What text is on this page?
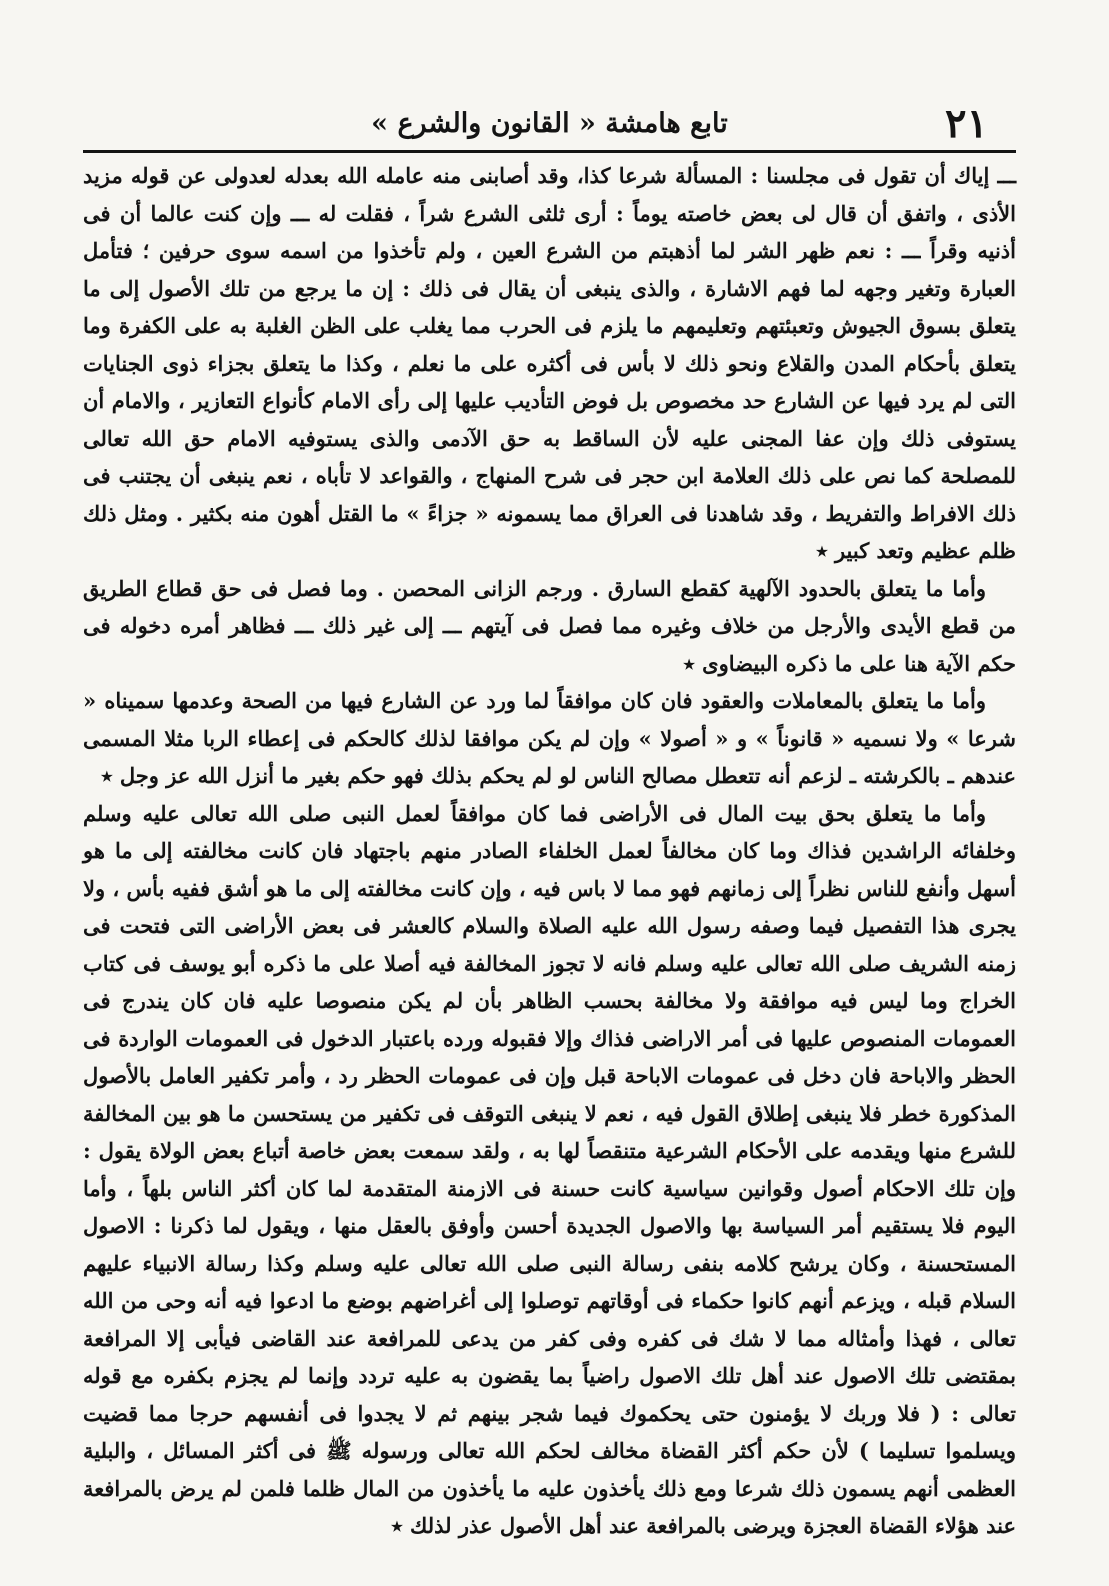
٢١
تابع هامشة « القانون والشرع »

ـــ إياك أن تقول فى مجلسنا : المسألة شرعا كذا، وقد أصابنى منه عامله الله بعدله لعدولى عن قوله مزيد الأذى ، واتفق أن قال لى بعض خاصته يوماً : أرى ثلثى الشرع شراً ، فقلت له ـــ وإن كنت عالما أن فى أذنيه وقراً ـــ : نعم ظهر الشر لما أذهبتم من الشرع العين ، ولم تأخذوا من اسمه سوى حرفين ؛ فتأمل العبارة وتغير وجهه لما فهم الاشارة ، والذى ينبغى أن يقال فى ذلك : إن ما يرجع من تلك الأصول إلى ما يتعلق بسوق الجيوش وتعبئتهم وتعليمهم ما يلزم فى الحرب مما يغلب على الظن الغلبة به على الكفرة وما يتعلق بأحكام المدن والقلاع ونحو ذلك لا بأس فى أكثره على ما نعلم ، وكذا ما يتعلق بجزاء ذوى الجنايات التى لم يرد فيها عن الشارع حد مخصوص بل فوض التأديب عليها إلى رأى الامام كأنواع التعازير ، والامام أن يستوفى ذلك وإن عفا المجنى عليه لأن الساقط به حق الآدمى والذى يستوفيه الامام حق الله تعالى للمصلحة كما نص على ذلك العلامة ابن حجر فى شرح المنهاج ، والقواعد لا تأباه ، نعم ينبغى أن يجتنب فى ذلك الافراط والتفريط ، وقد شاهدنا فى العراق مما يسمونه « جزاءً » ما القتل أهون منه بكثير . ومثل ذلك ظلم عظيم وتعد كبير ٭

وأما ما يتعلق بالحدود الآلهية كقطع السارق . ورجم الزانى المحصن . وما فصل فى حق قطاع الطريق من قطع الأيدى والأرجل من خلاف وغيره مما فصل فى آيتهم ـــ إلى غير ذلك ـــ فظاهر أمره دخوله فى حكم الآية هنا على ما ذكره البيضاوى ٭

وأما ما يتعلق بالمعاملات والعقود فان كان موافقاً لما ورد عن الشارع فيها من الصحة وعدمها سميناه « شرعا » ولا نسميه « قانوناً » و « أصولا » وإن لم يكن موافقا لذلك كالحكم فى إعطاء الربا مثلا المسمى عندهم ـ بالكرشته ـ لزعم أنه تتعطل مصالح الناس لو لم يحكم بذلك فهو حكم بغير ما أنزل الله عز وجل ٭

وأما ما يتعلق بحق بيت المال فى الأراضى فما كان موافقاً لعمل النبى صلى الله تعالى عليه وسلم وخلفائه الراشدين فذاك وما كان مخالفاً لعمل الخلفاء الصادر منهم باجتهاد فان كانت مخالفته إلى ما هو أسهل وأنفع للناس نظراً إلى زمانهم فهو مما لا باس فيه ، وإن كانت مخالفته إلى ما هو أشق ففيه بأس ، ولا يجرى هذا التفصيل فيما وصفه رسول الله عليه الصلاة والسلام كالعشر فى بعض الأراضى التى فتحت فى زمنه الشريف صلى الله تعالى عليه وسلم فانه لا تجوز المخالفة فيه أصلا على ما ذكره أبو يوسف فى كتاب الخراج وما ليس فيه موافقة ولا مخالفة بحسب الظاهر بأن لم يكن منصوصا عليه فان كان يندرج فى العمومات المنصوص عليها فى أمر الاراضى فذاك وإلا فقبوله ورده باعتبار الدخول فى العمومات الواردة فى الحظر والاباحة فان دخل فى عمومات الاباحة قبل وإن فى عمومات الحظر رد ، وأمر تكفير العامل بالأصول المذكورة خطر فلا ينبغى إطلاق القول فيه ، نعم لا ينبغى التوقف فى تكفير من يستحسن ما هو بين المخالفة للشرع منها ويقدمه على الأحكام الشرعية متنقصاً لها به ، ولقد سمعت بعض خاصة أتباع بعض الولاة يقول : وإن تلك الاحكام أصول وقوانين سياسية كانت حسنة فى الازمنة المتقدمة لما كان أكثر الناس بلهاً ، وأما اليوم فلا يستقيم أمر السياسة بها والاصول الجديدة أحسن وأوفق بالعقل منها ، ويقول لما ذكرنا : الاصول المستحسنة ، وكان يرشح كلامه بنفى رسالة النبى صلى الله تعالى عليه وسلم وكذا رسالة الانبياء عليهم السلام قبله ، ويزعم أنهم كانوا حكماء فى أوقاتهم توصلوا إلى أغراضهم بوضع ما ادعوا فيه أنه وحى من الله تعالى ، فهذا وأمثاله مما لا شك فى كفره وفى كفر من يدعى للمرافعة عند القاضى فيأبى إلا المرافعة بمقتضى تلك الاصول عند أهل تلك الاصول راضياً بما يقضون به عليه تردد وإنما لم يجزم بكفره مع قوله تعالى : ( فلا وربك لا يؤمنون حتى يحكموك فيما شجر بينهم ثم لا يجدوا فى أنفسهم حرجا مما قضيت ويسلموا تسليما ) لأن حكم أكثر القضاة مخالف لحكم الله تعالى ورسوله ﷺ فى أكثر المسائل ، والبلية العظمى أنهم يسمون ذلك شرعا ومع ذلك يأخذون عليه ما يأخذون من المال ظلما فلمن لم يرض بالمرافعة عند هؤلاء القضاة العجزة ويرضى بالمرافعة عند أهل الأصول عذر لذلك ٭
